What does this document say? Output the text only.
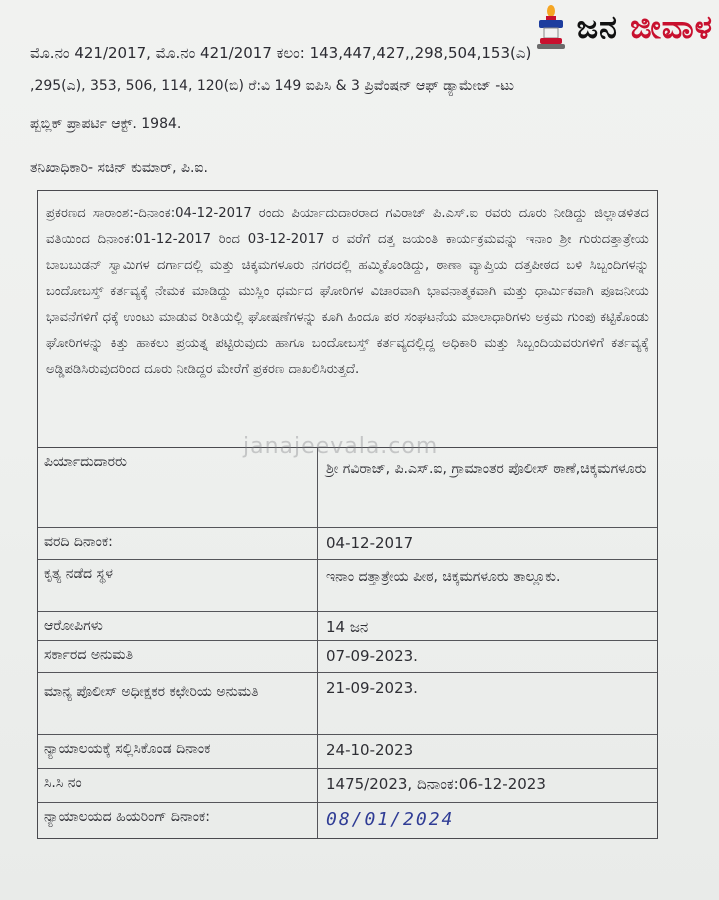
ಜನ ಜೀವಾಳ
ಮೊ.ನಂ 421/2017, ಮೊ.ನಂ 421/2017 ಕಲಂ: 143,447,427,,298,504,153(ಎ)
,295(ಎ), 353, 506, 114, 120(ಬಿ) ರೆ:ವಿ 149 ಐಪಿಸಿ & 3 ಪ್ರಿವೆಂಷನ್ ಆಫ್ ಡ್ಯಾಮೇಜ್ -ಟು
ಪ್ಬಬ್ಲಿಕ್ ಪ್ರಾಪರ್ಟಿ ಆಕ್ಟ್. 1984.
ತನಿಖಾಧಿಕಾರಿ- ಸಚಿನ್ ಕುಮಾರ್, ಪಿ.ಐ.
ಪ್ರಕರಣದ ಸಾರಾಂಶ:-ದಿನಾಂಕ:04-12-2017 ರಂದು ಪಿರ್ಯಾದುದಾರರಾದ ಗವಿರಾಜ್ ಪಿ.ಎಸ್.ಐ ರವರು ದೂರು ನೀಡಿದ್ದು ಜಿಲ್ಲಾಡಳಿತದ ವತಿಯಿಂದ ದಿನಾಂಕ:01-12-2017 ರಿಂದ 03-12-2017 ರ ವರೆಗೆ ದತ್ತ ಜಯಂತಿ ಕಾರ್ಯಕ್ರಮವನ್ನು ಇನಾಂ ಶ್ರೀ ಗುರುದತ್ತಾತ್ರೇಯ ಬಾಬಬುಡನ್ ಸ್ವಾಮಿಗಳ ದರ್ಗಾದಲ್ಲಿ ಮತ್ತು ಚಿಕ್ಕಮಗಳೂರು ನಗರದಲ್ಲಿ ಹಮ್ಮಿಕೊಂಡಿದ್ದು, ಠಾಣಾ ವ್ಯಾಪ್ತಿಯ ದತ್ತಪೀಠದ ಬಳಿ ಸಿಬ್ಬಂದಿಗಳನ್ನು ಬಂದೋಬಸ್ತ್ ಕರ್ತವ್ಯಕ್ಕೆ ನೇಮಕ ಮಾಡಿದ್ದು ಮುಸ್ಲಿಂ ಧರ್ಮದ ಘೋರಿಗಳ ವಿಚಾರವಾಗಿ ಭಾವನಾತ್ಮಕವಾಗಿ ಮತ್ತು ಧಾರ್ಮಿಕವಾಗಿ ಪೂಜನೀಯ ಭಾವನೆಗಳಿಗೆ ಧಕ್ಕೆ ಉಂಟು ಮಾಡುವ ರೀತಿಯಲ್ಲಿ ಘೋಷಣೆಗಳನ್ನು ಕೂಗಿ ಹಿಂದೂ ಪರ ಸಂಘಟನೆಯ ಮಾಲಾಧಾರಿಗಳು ಅಕ್ರಮ ಗುಂಪು ಕಟ್ಟಿಕೊಂಡು ಘೋರಿಗಳನ್ನು ಕಿತ್ತು ಹಾಕಲು ಪ್ರಯತ್ನ ಪಟ್ಟಿರುವುದು ಹಾಗೂ ಬಂದೋಬಸ್ತ್ ಕರ್ತವ್ಯದಲ್ಲಿದ್ದ ಅಧಿಕಾರಿ ಮತ್ತು ಸಿಬ್ಬಂದಿಯವರುಗಳಿಗೆ ಕರ್ತವ್ಯಕ್ಕೆ ಅಡ್ಡಿಪಡಿಸಿರುವುದರಿಂದ ದೂರು ನೀಡಿದ್ದರ ಮೇರೆಗೆ ಪ್ರಕರಣ ದಾಖಲಿಸಿರುತ್ತದೆ.
ಪಿರ್ಯಾದುದಾರರು	ಶ್ರೀ ಗವಿರಾಜ್, ಪಿ.ಎಸ್.ಐ, ಗ್ರಾಮಾಂತರ ಪೊಲೀಸ್ ಠಾಣೆ,ಚಿಕ್ಕಮಗಳೂರು
ವರದಿ ದಿನಾಂಕ:	04-12-2017
ಕೃತ್ಯ ನಡೆದ ಸ್ಥಳ	ಇನಾಂ ದತ್ತಾತ್ರೇಯ ಪೀಠ, ಚಿಕ್ಕಮಗಳೂರು ತಾಲ್ಲೂಕು.
ಆರೋಪಿಗಳು	14 ಜನ
ಸರ್ಕಾರದ ಅನುಮತಿ	07-09-2023.
ಮಾನ್ಯ ಪೊಲೀಸ್ ಅಧೀಕ್ಷಕರ ಕಛೇರಿಯ ಅನುಮತಿ	21-09-2023.
ನ್ಯಾಯಾಲಯಕ್ಕೆ ಸಲ್ಲಿಸಿಕೊಂಡ ದಿನಾಂಕ	24-10-2023
ಸಿ.ಸಿ ನಂ	1475/2023, ದಿನಾಂಕ:06-12-2023
ನ್ಯಾಯಾಲಯದ ಹಿಯರಿಂಗ್ ದಿನಾಂಕ:	08/01/2024
janajeevala.com
